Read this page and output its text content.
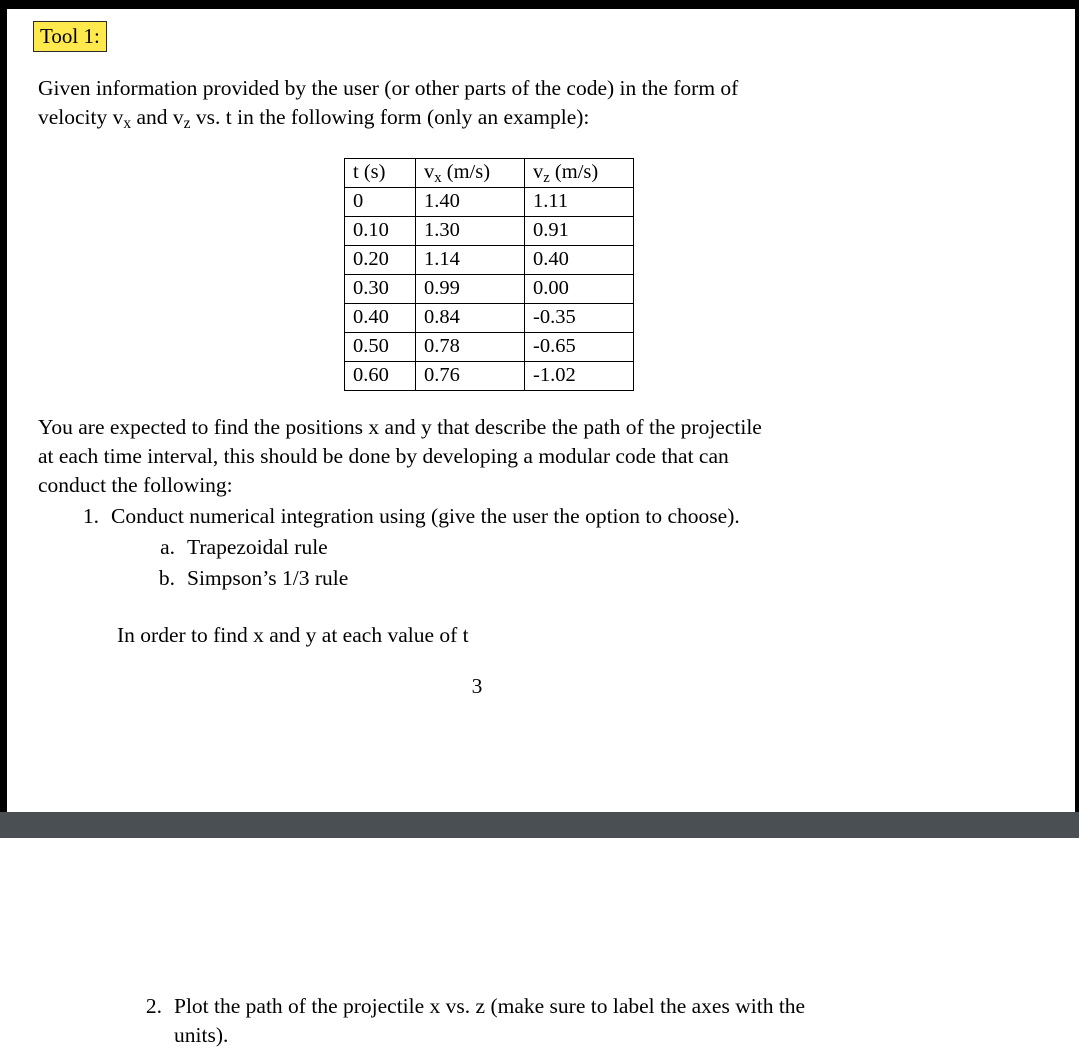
Tool 1:
Given information provided by the user (or other parts of the code) in the form of
velocity $v_x$ and $v_z$ vs. t in the following form (only an example):
t (s)	$v_x$ (m/s)	$v_z$ (m/s)
0	1.40	1.11
0.10	1.30	0.91
0.20	1.14	0.40
0.30	0.99	0.00
0.40	0.84	-0.35
0.50	0.78	-0.65
0.60	0.76	-1.02
You are expected to find the positions x and y that describe the path of the projectile
at each time interval, this should be done by developing a modular code that can
conduct the following:
1. Conduct numerical integration using (give the user the option to choose).
a. Trapezoidal rule
b. Simpson’s 1/3 rule
In order to find x and y at each value of t
3
2. Plot the path of the projectile x vs. z (make sure to label the axes with the
units).
